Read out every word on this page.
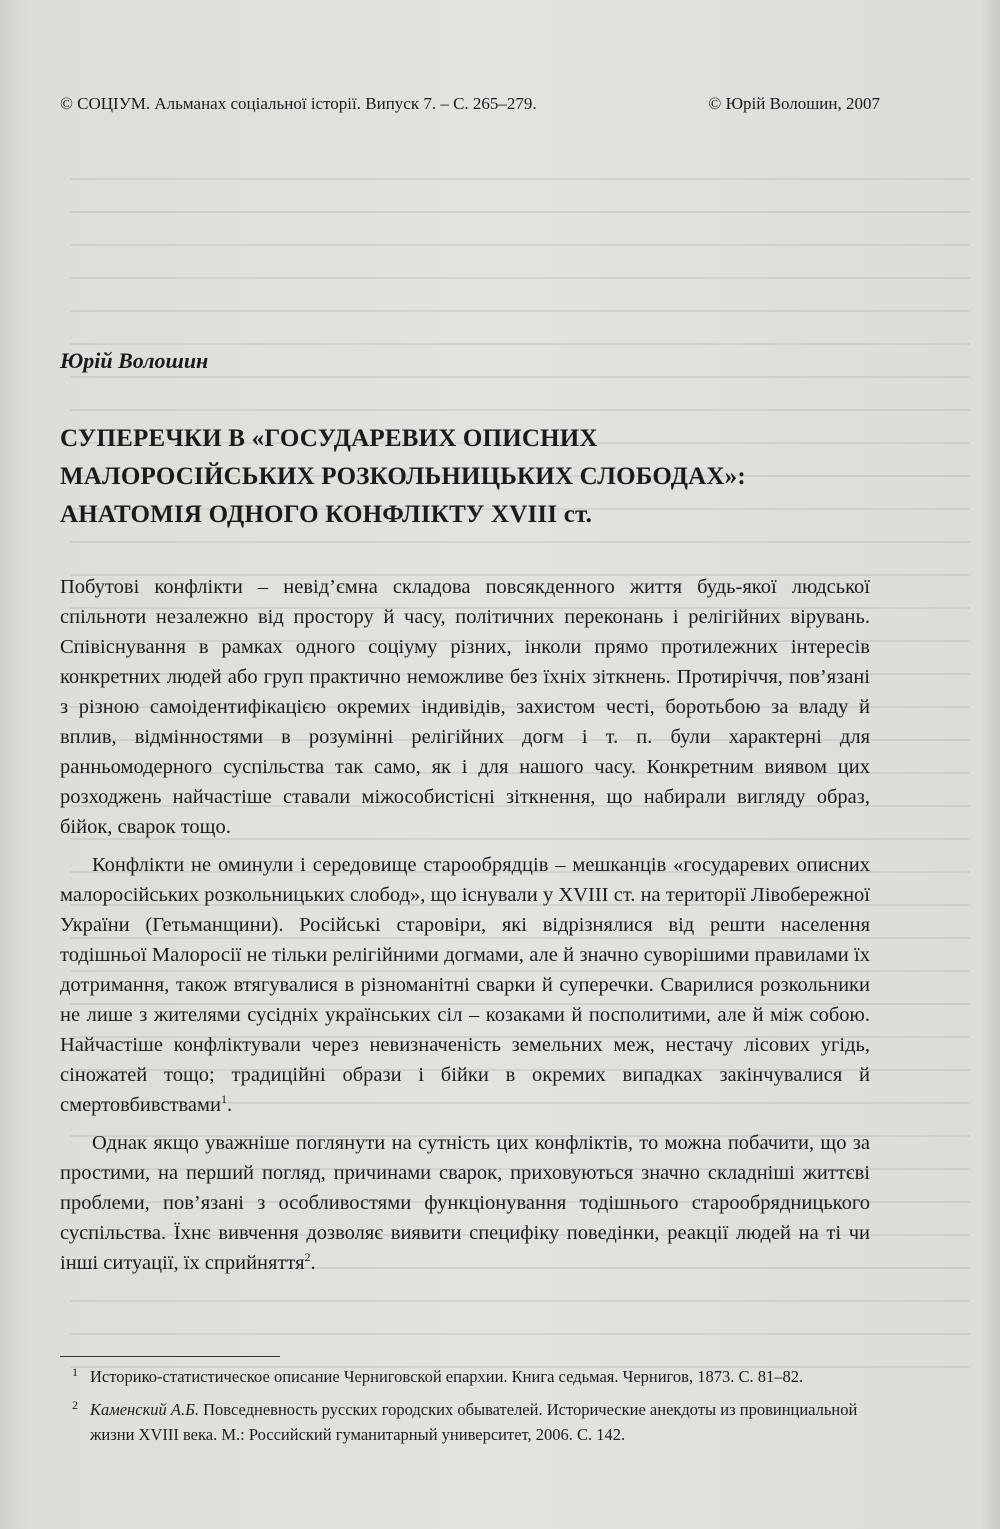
© СОЦІУМ. Альманах соціальної історії. Випуск 7. – С. 265–279.	© Юрій Волошин, 2007
Юрій Волошин
СУПЕРЕЧКИ В «ГОСУДАРЕВИХ ОПИСНИХ
МАЛОРОСІЙСЬКИХ РОЗКОЛЬНИЦЬКИХ СЛОБОДАХ»:
АНАТОМІЯ ОДНОГО КОНФЛІКТУ XVIII ст.

Побутові конфлікти – невід’ємна складова повсякденного життя будь-якої людської спільноти незалежно від простору й часу, політичних переконань і релігійних вірувань. Співіснування в рамках одного соціуму різних, інколи прямо протилежних інтересів конкретних людей або груп практично неможливе без їхніх зіткнень. Протиріччя, пов’язані з різною самоідентифікацією окремих індивідів, захистом честі, боротьбою за владу й вплив, відмінностями в розумінні релігійних догм і т. п. були характерні для ранньомодерного суспільства так само, як і для нашого часу. Конкретним виявом цих розходжень найчастіше ставали міжособистісні зіткнення, що набирали вигляду образ, бійок, сварок тощо.

Конфлікти не оминули і середовище старообрядців – мешканців «государевих описних малоросійських розкольницьких слобод», що існували у XVIII ст. на території Лівобережної України (Гетьманщини). Російські старовіри, які відрізнялися від решти населення тодішньої Малоросії не тільки релігійними догмами, але й значно суворішими правилами їх дотримання, також втягувалися в різноманітні сварки й суперечки. Сварилися розкольники не лише з жителями сусідніх українських сіл – козаками й посполитими, але й між собою. Найчастіше конфліктували через невизначеність земельних меж, нестачу лісових угідь, сіножатей тощо; традиційні образи і бійки в окремих випадках закінчувалися й смертовбивствами$^1$.

Однак якщо уважніше поглянути на сутність цих конфліктів, то можна побачити, що за простими, на перший погляд, причинами сварок, приховуються значно складніші життєві проблеми, пов’язані з особливостями функціонування тодішнього старообрядницького суспільства. Їхнє вивчення дозволяє виявити специфіку поведінки, реакції людей на ті чи інші ситуації, їх сприйняття$^2$.

1 Историко-статистическое описание Черниговской епархии. Книга седьмая. Чернигов, 1873. С. 81–82.
2 Каменский А.Б. Повседневность русских городских обывателей. Исторические анекдоты из провинциальной жизни XVIII века. М.: Российский гуманитарный университет, 2006. С. 142.
